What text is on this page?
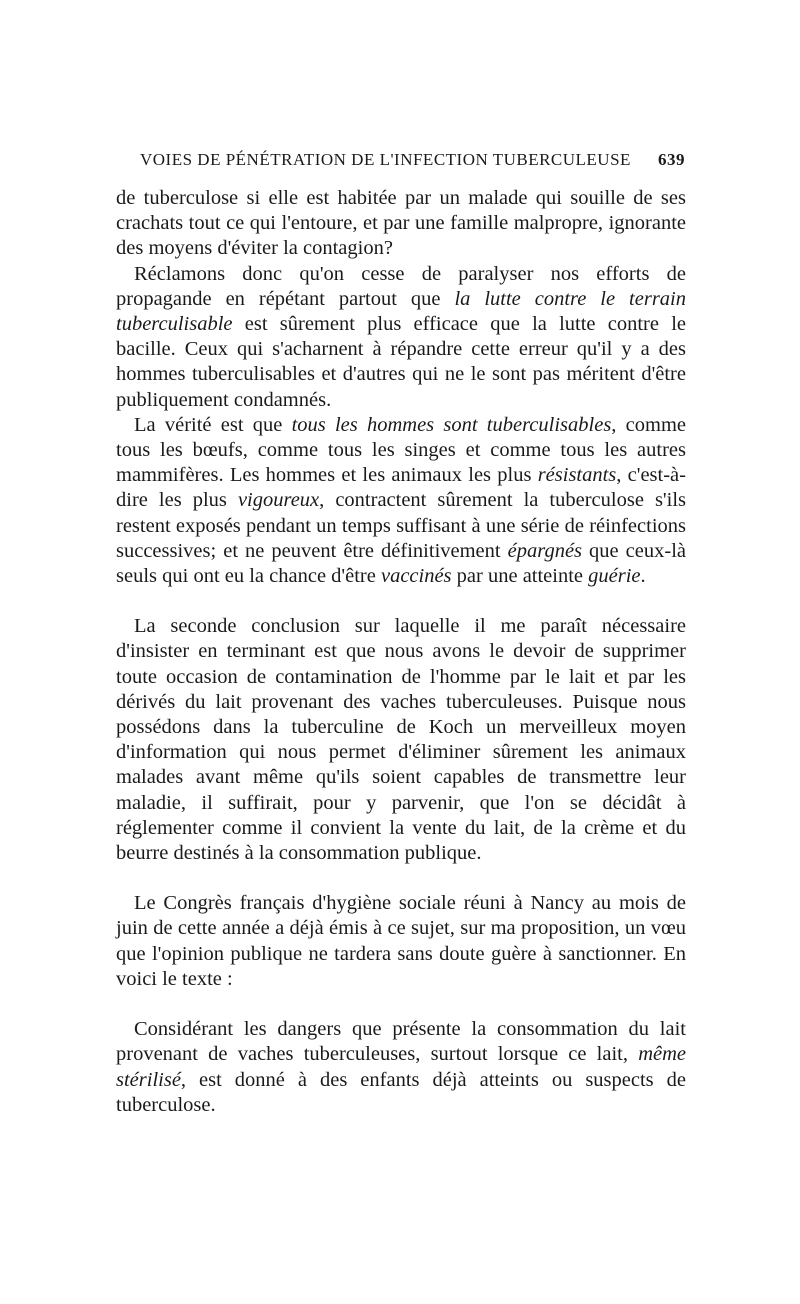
VOIES DE PÉNÉTRATION DE L'INFECTION TUBERCULEUSE 639

de tuberculose si elle est habitée par un malade qui souille de ses crachats tout ce qui l'entoure, et par une famille malpropre, ignorante des moyens d'éviter la contagion?

Réclamons donc qu'on cesse de paralyser nos efforts de propagande en répétant partout que la lutte contre le terrain tuberculisable est sûrement plus efficace que la lutte contre le bacille. Ceux qui s'acharnent à répandre cette erreur qu'il y a des hommes tuberculisables et d'autres qui ne le sont pas méritent d'être publiquement condamnés.

La vérité est que tous les hommes sont tuberculisables, comme tous les bœufs, comme tous les singes et comme tous les autres mammifères. Les hommes et les animaux les plus résistants, c'est-à-dire les plus vigoureux, contractent sûrement la tuberculose s'ils restent exposés pendant un temps suffisant à une série de réinfections successives; et ne peuvent être définitivement épargnés que ceux-là seuls qui ont eu la chance d'être vaccinés par une atteinte guérie.

La seconde conclusion sur laquelle il me paraît nécessaire d'insister en terminant est que nous avons le devoir de supprimer toute occasion de contamination de l'homme par le lait et par les dérivés du lait provenant des vaches tuberculeuses. Puisque nous possédons dans la tuberculine de Koch un merveilleux moyen d'information qui nous permet d'éliminer sûrement les animaux malades avant même qu'ils soient capables de transmettre leur maladie, il suffirait, pour y parvenir, que l'on se décidât à réglementer comme il convient la vente du lait, de la crème et du beurre destinés à la consommation publique.

Le Congrès français d'hygiène sociale réuni à Nancy au mois de juin de cette année a déjà émis à ce sujet, sur ma proposition, un vœu que l'opinion publique ne tardera sans doute guère à sanctionner. En voici le texte :

Considérant les dangers que présente la consommation du lait provenant de vaches tuberculeuses, surtout lorsque ce lait, même stérilisé, est donné à des enfants déjà atteints ou suspects de tuberculose.
